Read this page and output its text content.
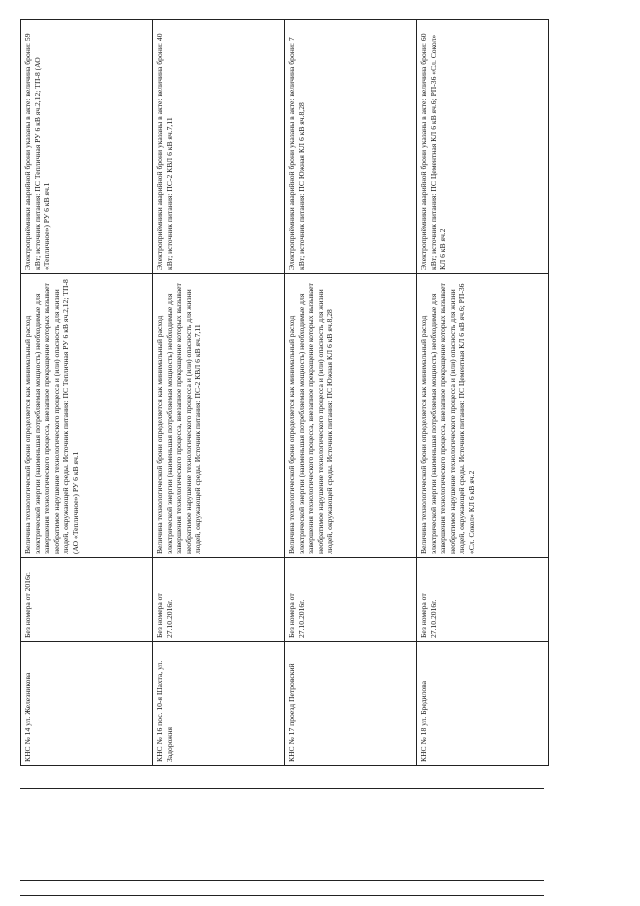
КНС № 14 ул. Железникова	Без номера от 2016г.	Величина технологической брони определяется как минимальный расход электрической энергии (наименьшая потребляемая мощность) необходимые для завершения технологического процесса, внезапное прекращение которых вызывает необратимое нарушение технологического процесса и (или) опасность для жизни людей, окружающей среды. Источник питания: ПС Тепличная РУ 6 кВ яч.2,12; ТП-8 (АО «Тепличное») РУ 6 кВ яч.1	Электроприёмники аварийной брони указаны в акте: величина брони: 59 кВт; источник питания: ПС Тепличная РУ 6 кВ яч.2,12; ТП-8 (АО «Тепличное») РУ 6 кВ яч.1
КНС № 16 пос. 10-я Шахта, ул. Задорожня	Без номера от 27.10.2016г.	Величина технологической брони определяется как минимальный расход электрической энергии (наименьшая потребляемая мощность) необходимые для завершения технологического процесса, внезапное прекращение которых вызывает необратимое нарушение технологического процесса и (или) опасность для жизни людей, окружающей среды. Источник питания: ПС-2 КВЛ 6 кВ яч.7,11	Электроприёмники аварийной брони указаны в акте: величина брони: 40 кВт; источник питания: ПС-2 КВЛ 6 кВ яч.7,11
КНС № 17 проезд Петровский	Без номера от 27.10.2016г.	Величина технологической брони определяется как минимальный расход электрической энергии (наименьшая потребляемая мощность) необходимые для завершения технологического процесса, внезапное прекращение которых вызывает необратимое нарушение технологического процесса и (или) опасность для жизни людей, окружающей среды. Источник питания: ПС Южная КЛ 6 кВ яч.8,28	Электроприёмники аварийной брони указаны в акте: величина брони: 7 кВт; источник питания: ПС Южная КЛ 6 кВ яч.8,28
КНС № 18 ул. Бредилова	Без номера от 27.10.2016г.	Величина технологической брони определяется как минимальный расход электрической энергии (наименьшая потребляемая мощность) необходимые для завершения технологического процесса, внезапное прекращение которых вызывает необратимое нарушение технологического процесса и (или) опасность для жизни людей, окружающей среды. Источник питания: ПС Цементная КЛ 6 кВ яч.6; РП-36 «Сл. Сокол» КЛ 6 кВ яч.2	Электроприёмники аварийной брони указаны в акте: величина брони: 60 кВт; источник питания: ПС Цементная КЛ 6 кВ яч.6; РП-36 «Сл. Сокол» КЛ 6 кВ яч.2
